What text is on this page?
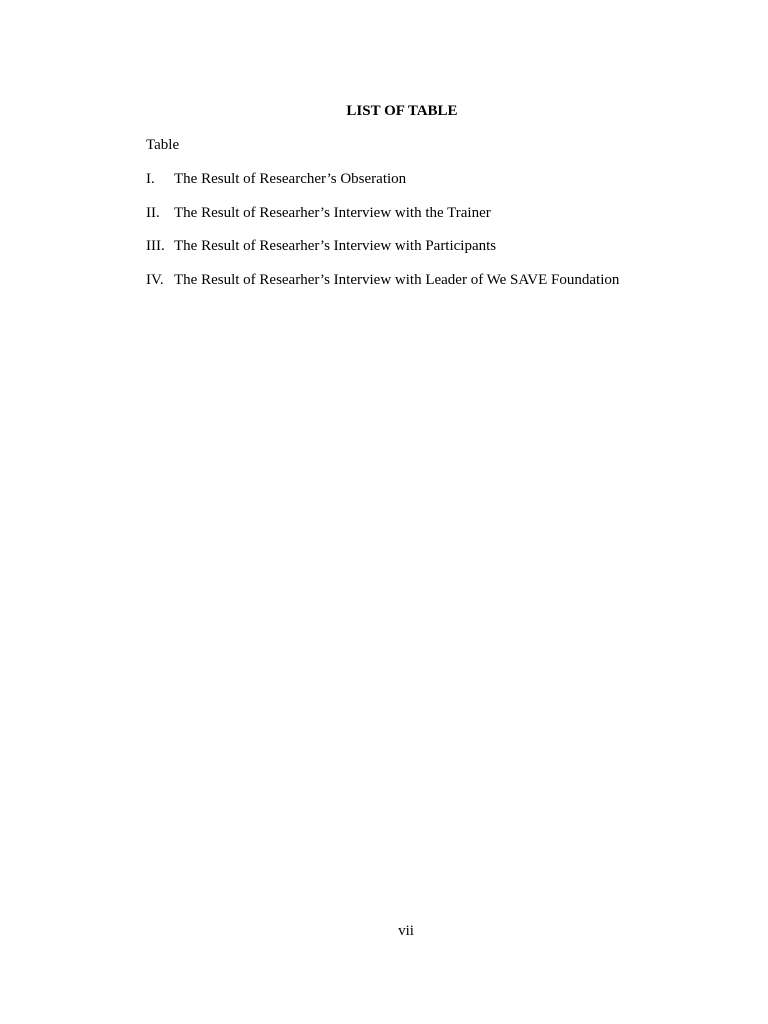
LIST OF TABLE
Table
I. The Result of Researcher’s Obseration
II. The Result of Researher’s Interview with the Trainer
III. The Result of Researher’s Interview with Participants
IV. The Result of Researher’s Interview with Leader of We SAVE Foundation
vii
